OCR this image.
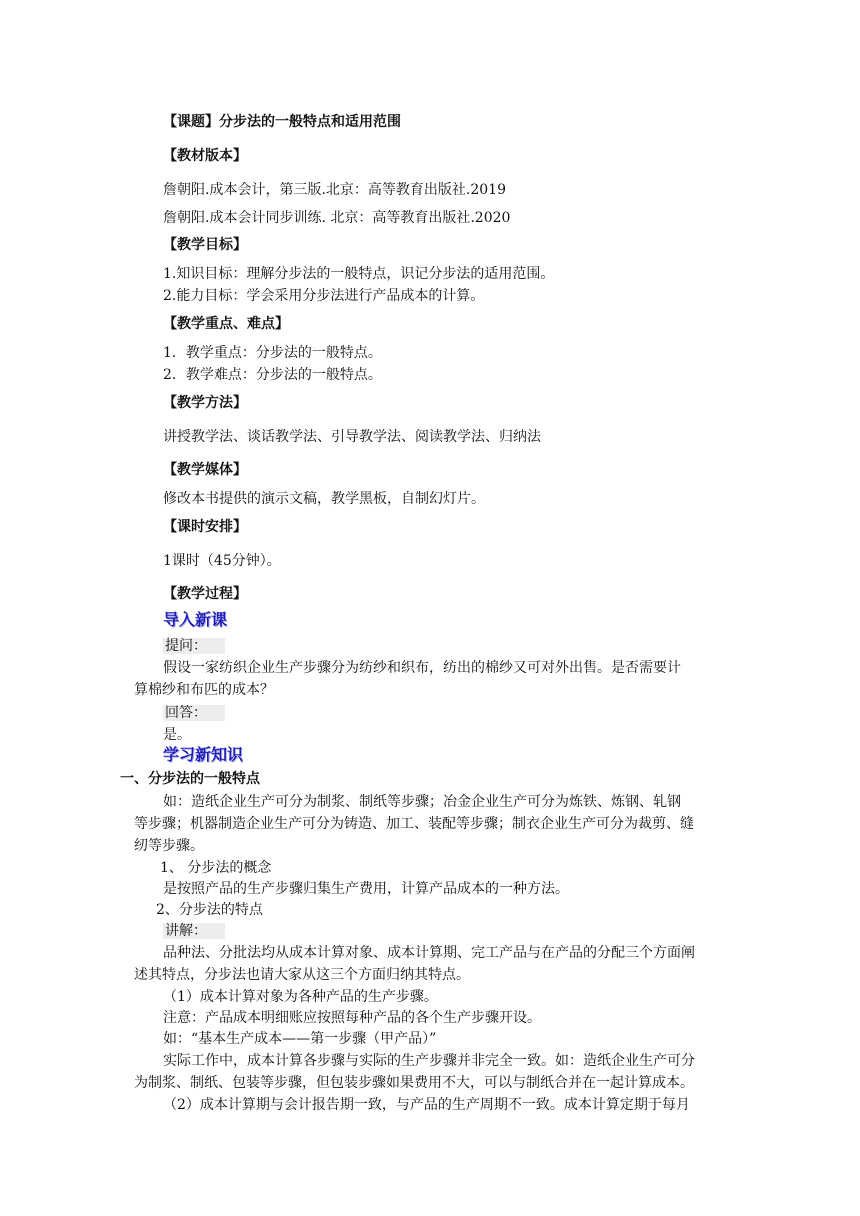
【课题】分步法的一般特点和适用范围
【教材版本】
詹朝阳.成本会计，第三版.北京：高等教育出版社.2019
詹朝阳.成本会计同步训练. 北京：高等教育出版社.2020
【教学目标】
1.知识目标：理解分步法的一般特点，识记分步法的适用范围。
2.能力目标：学会采用分步法进行产品成本的计算。
【教学重点、难点】
1．教学重点：分步法的一般特点。
2．教学难点：分步法的一般特点。
【教学方法】
讲授教学法、谈话教学法、引导教学法、阅读教学法、归纳法
【教学媒体】
修改本书提供的演示文稿，教学黑板，自制幻灯片。
【课时安排】
1课时（45分钟）。
【教学过程】
导入新课
提问：
假设一家纺织企业生产步骤分为纺纱和织布，纺出的棉纱又可对外出售。是否需要计
算棉纱和布匹的成本？
回答：
是。
学习新知识
一、分步法的一般特点
如：造纸企业生产可分为制浆、制纸等步骤；冶金企业生产可分为炼铁、炼钢、轧钢
等步骤；机器制造企业生产可分为铸造、加工、装配等步骤；制衣企业生产可分为裁剪、缝
纫等步骤。
1、 分步法的概念
是按照产品的生产步骤归集生产费用，计算产品成本的一种方法。
2、分步法的特点
讲解：
品种法、分批法均从成本计算对象、成本计算期、完工产品与在产品的分配三个方面阐
述其特点，分步法也请大家从这三个方面归纳其特点。
（1）成本计算对象为各种产品的生产步骤。
注意：产品成本明细账应按照每种产品的各个生产步骤开设。
如：“基本生产成本——第一步骤（甲产品）”
实际工作中，成本计算各步骤与实际的生产步骤并非完全一致。如：造纸企业生产可分
为制浆、制纸、包装等步骤，但包装步骤如果费用不大，可以与制纸合并在一起计算成本。
（2）成本计算期与会计报告期一致，与产品的生产周期不一致。成本计算定期于每月
